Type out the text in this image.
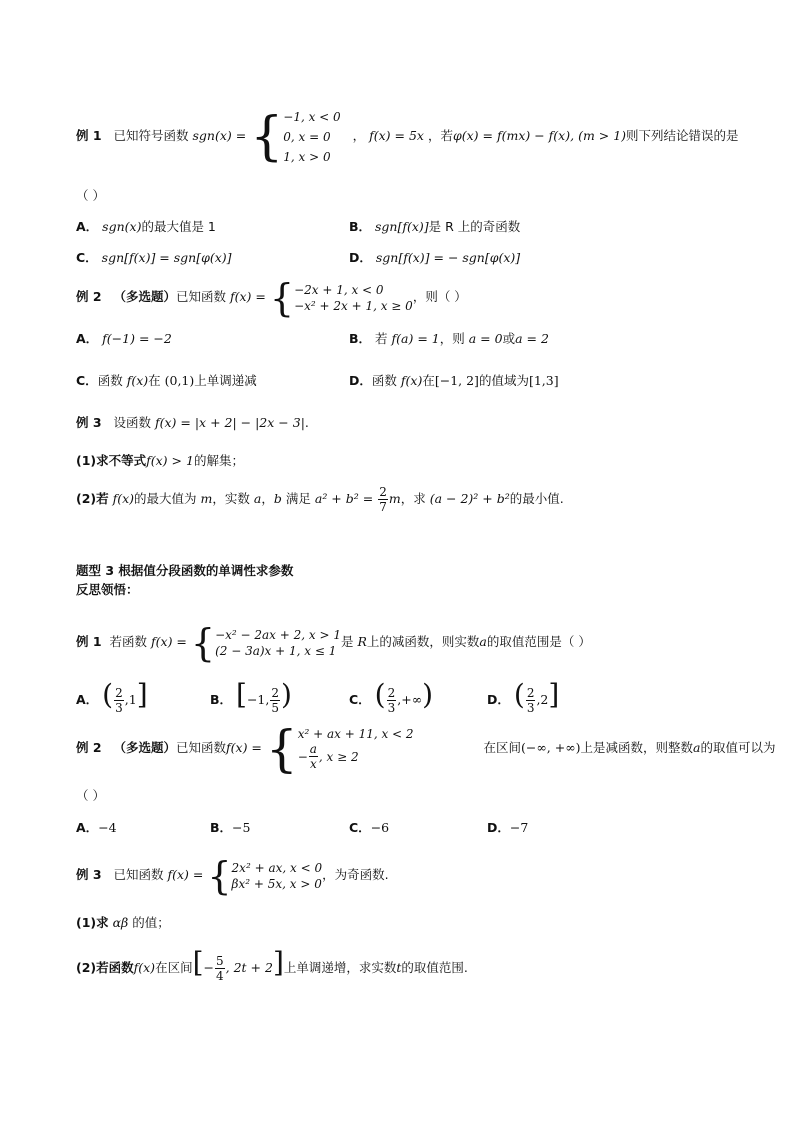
例 1 已知符号函数 sgn(x) = { −1, x < 0
0, x = 0
1, x > 0
， f(x) = 5x ，若φ(x) = f(mx) − f(x), (m > 1)则下列结论错误的是
（ ）
A． sgn(x)的最大值是 1	B． sgn[f(x)]是 R 上的奇函数
C． sgn[f(x)] = sgn[φ(x)]	D． sgn[f(x)] = − sgn[φ(x)]
例 2 （多选题）已知函数 f(x) = { −2x + 1, x < 0
−x² + 2x + 1, x ≥ 0
，则（ ）
A． f(−1) = −2	B． 若 f(a) = 1，则 a = 0或a = 2
C．函数 f(x)在 (0,1)上单调递减	D．函数 f(x)在[−1, 2]的值域为[1,3]
例 3 设函数 f(x) = |x + 2| − |2x − 3|.
(1)求不等式f(x) > 1的解集；
(2)若 f(x)的最大值为 m，实数 a，b 满足 $a^2 + b^2 = \frac{2}{7}$ m，求 (a − 2)² + b²的最小值.
题型 3 根据值分段函数的单调性求参数
反思领悟：
例 1 若函数 f(x) = { −x² − 2ax + 2, x > 1
(2 − 3a)x + 1, x ≤ 1
是 R上的减函数，则实数a的取值范围是（ ）
A． ( $\frac{2}{3} ,1$]	B． [−1, $\frac{2}{5}$ )	C． ( $\frac{2}{3}$ ,+∞)	D． ( $\frac{2}{3} ,2$]
例 2 （多选题）已知函数f(x) = { x² + ax + 11, x < 2
− $\frac{a}{x}$ , x ≥ 2
在区间(−∞, +∞)上是减函数，则整数a的取值可以为
（ ）
A．−4	B．−5	C．−6	D．−7
例 3 已知函数 f(x) = { 2x² + ax, x < 0
βx² + 5x, x > 0
，为奇函数.
(1)求 αβ 的值；
(2)若函数f(x)在区间[− $\frac{5}{4}$ , 2t + 2]上单调递增，求实数t的取值范围.
